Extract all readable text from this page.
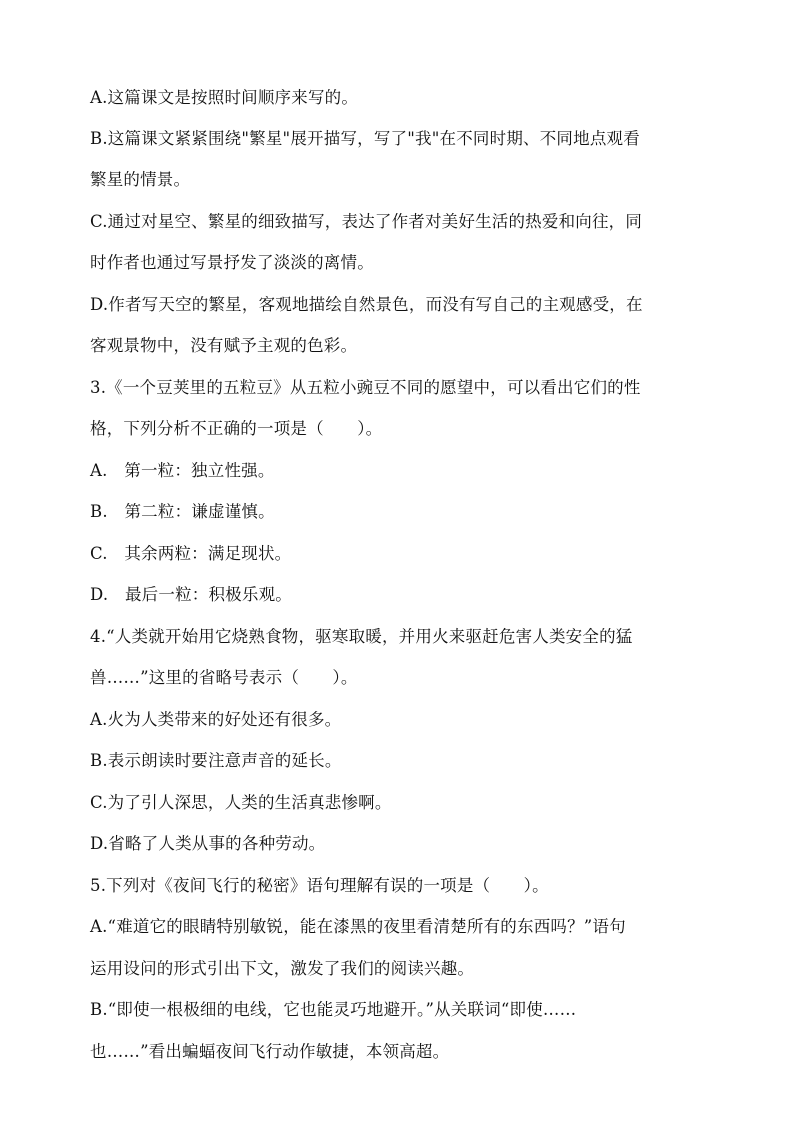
A.这篇课文是按照时间顺序来写的。
B.这篇课文紧紧围绕"繁星"展开描写，写了"我"在不同时期、不同地点观看
繁星的情景。
C.通过对星空、繁星的细致描写，表达了作者对美好生活的热爱和向往，同
时作者也通过写景抒发了淡淡的离情。
D.作者写天空的繁星，客观地描绘自然景色，而没有写自己的主观感受，在
客观景物中，没有赋予主观的色彩。
3.《一个豆荚里的五粒豆》从五粒小豌豆不同的愿望中，可以看出它们的性
格，下列分析不正确的一项是（　　）。
A.　第一粒：独立性强。
B.　第二粒：谦虚谨慎。
C.　其余两粒：满足现状。
D.　最后一粒：积极乐观。
4.“人类就开始用它烧熟食物，驱寒取暖，并用火来驱赶危害人类安全的猛
兽……”这里的省略号表示（　　）。
A.火为人类带来的好处还有很多。
B.表示朗读时要注意声音的延长。
C.为了引人深思，人类的生活真悲惨啊。
D.省略了人类从事的各种劳动。
5.下列对《夜间飞行的秘密》语句理解有误的一项是（　　）。
A.“难道它的眼睛特别敏锐，能在漆黑的夜里看清楚所有的东西吗？”语句
运用设问的形式引出下文，激发了我们的阅读兴趣。
B.“即使一根极细的电线，它也能灵巧地避开。”从关联词“即使……
也……”看出蝙蝠夜间飞行动作敏捷，本领高超。
